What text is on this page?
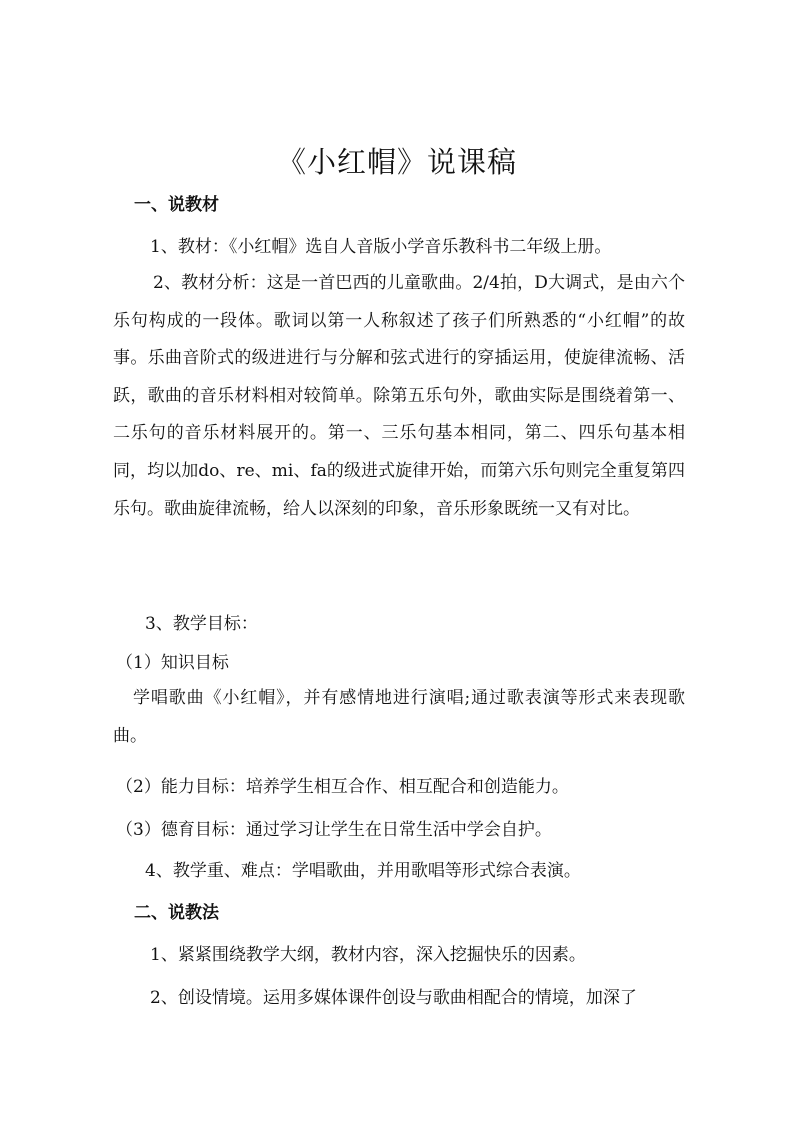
《小红帽》说课稿
一、说教材
1、教材：《小红帽》选自人音版小学音乐教科书二年级上册。
2、教材分析：这是一首巴西的儿童歌曲。2/4拍，D大调式，是由六个乐句构成的一段体。歌词以第一人称叙述了孩子们所熟悉的“小红帽”的故事。乐曲音阶式的级进进行与分解和弦式进行的穿插运用，使旋律流畅、活跃，歌曲的音乐材料相对较简单。除第五乐句外，歌曲实际是围绕着第一、二乐句的音乐材料展开的。第一、三乐句基本相同，第二、四乐句基本相同，均以加do、re、mi、fa的级进式旋律开始，而第六乐句则完全重复第四乐句。歌曲旋律流畅，给人以深刻的印象，音乐形象既统一又有对比。
3、教学目标：
（1）知识目标
学唱歌曲《小红帽》，并有感情地进行演唱;通过歌表演等形式来表现歌曲。
（2）能力目标：培养学生相互合作、相互配合和创造能力。
（3）德育目标：通过学习让学生在日常生活中学会自护。
4、教学重、难点：学唱歌曲，并用歌唱等形式综合表演。
二、说教法
1、紧紧围绕教学大纲，教材内容，深入挖掘快乐的因素。
2、创设情境。运用多媒体课件创设与歌曲相配合的情境，加深了
